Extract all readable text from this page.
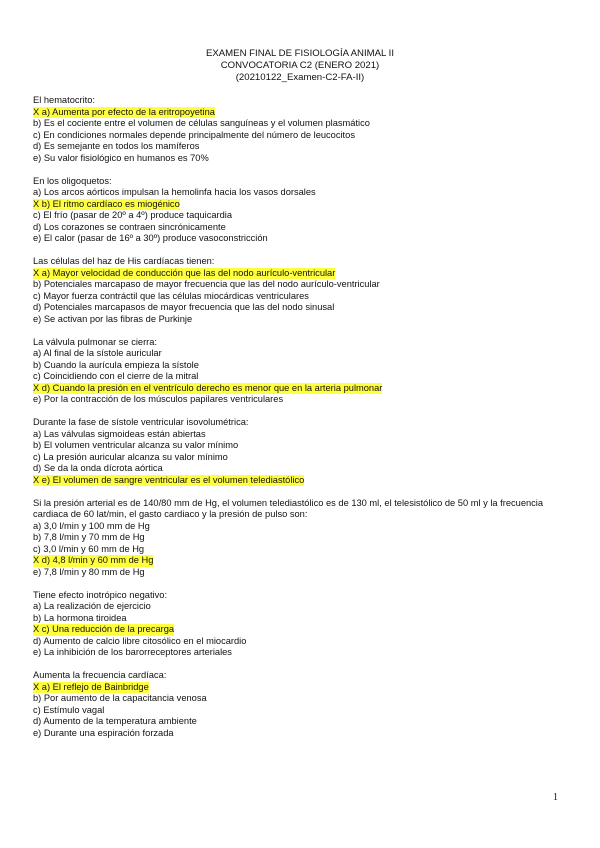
EXAMEN FINAL DE FISIOLOGÍA ANIMAL II
CONVOCATORIA C2 (ENERO 2021)
(20210122_Examen-C2-FA-II)
El hematocrito:
X a) Aumenta por efecto de la eritropoyetina
b) Es el cociente entre el volumen de células sanguíneas y el volumen plasmático
c) En condiciones normales depende principalmente del número de leucocitos
d) Es semejante en todos los mamíferos
e) Su valor fisiológico en humanos es 70%
En los oligoquetos:
a) Los arcos aórticos impulsan la hemolinfa hacia los vasos dorsales
X b) El ritmo cardíaco es miogénico
c) El frío (pasar de 20º a 4º) produce taquicardia
d) Los corazones se contraen sincrónicamente
e) El calor (pasar de 16º a 30º) produce vasoconstricción
Las células del haz de His cardíacas tienen:
X a) Mayor velocidad de conducción que las del nodo aurículo-ventricular
b) Potenciales marcapaso de mayor frecuencia que las del nodo aurículo-ventricular
c) Mayor fuerza contráctil que las células miocárdicas ventriculares
d) Potenciales marcapasos de mayor frecuencia que las del nodo sinusal
e) Se activan por las fibras de Purkinje
La válvula pulmonar se cierra:
a) Al final de la sístole auricular
b) Cuando la aurícula empieza la sístole
c) Coincidiendo con el cierre de la mitral
X d) Cuando la presión en el ventrículo derecho es menor que en la arteria pulmonar
e) Por la contracción de los músculos papilares ventriculares
Durante la fase de sístole ventricular isovolumétrica:
a) Las válvulas sigmoideas están abiertas
b) El volumen ventricular alcanza su valor mínimo
c) La presión auricular alcanza su valor mínimo
d) Se da la onda dícrota aórtica
X e) El volumen de sangre ventricular es el volumen telediastólico
Si la presión arterial es de 140/80 mm de Hg, el volumen telediastólico es de 130 ml, el telesistólico de 50 ml y la frecuencia cardiaca de 60 lat/min, el gasto cardiaco y la presión de pulso son:
a) 3,0 l/min y 100 mm de Hg
b) 7,8 l/min y 70 mm de Hg
c) 3,0 l/min y 60 mm de Hg
X d) 4,8 l/min y 60 mm de Hg
e) 7,8 l/min y 80 mm de Hg
Tiene efecto inotrópico negativo:
a) La realización de ejercicio
b) La hormona tiroidea
X c) Una reducción de la precarga
d) Aumento de calcio libre citosólico en el miocardio
e) La inhibición de los barorreceptores arteriales
Aumenta la frecuencia cardíaca:
X a) El reflejo de Bainbridge
b) Por aumento de la capacitancia venosa
c) Estímulo vagal
d) Aumento de la temperatura ambiente
e) Durante una espiración forzada
1
